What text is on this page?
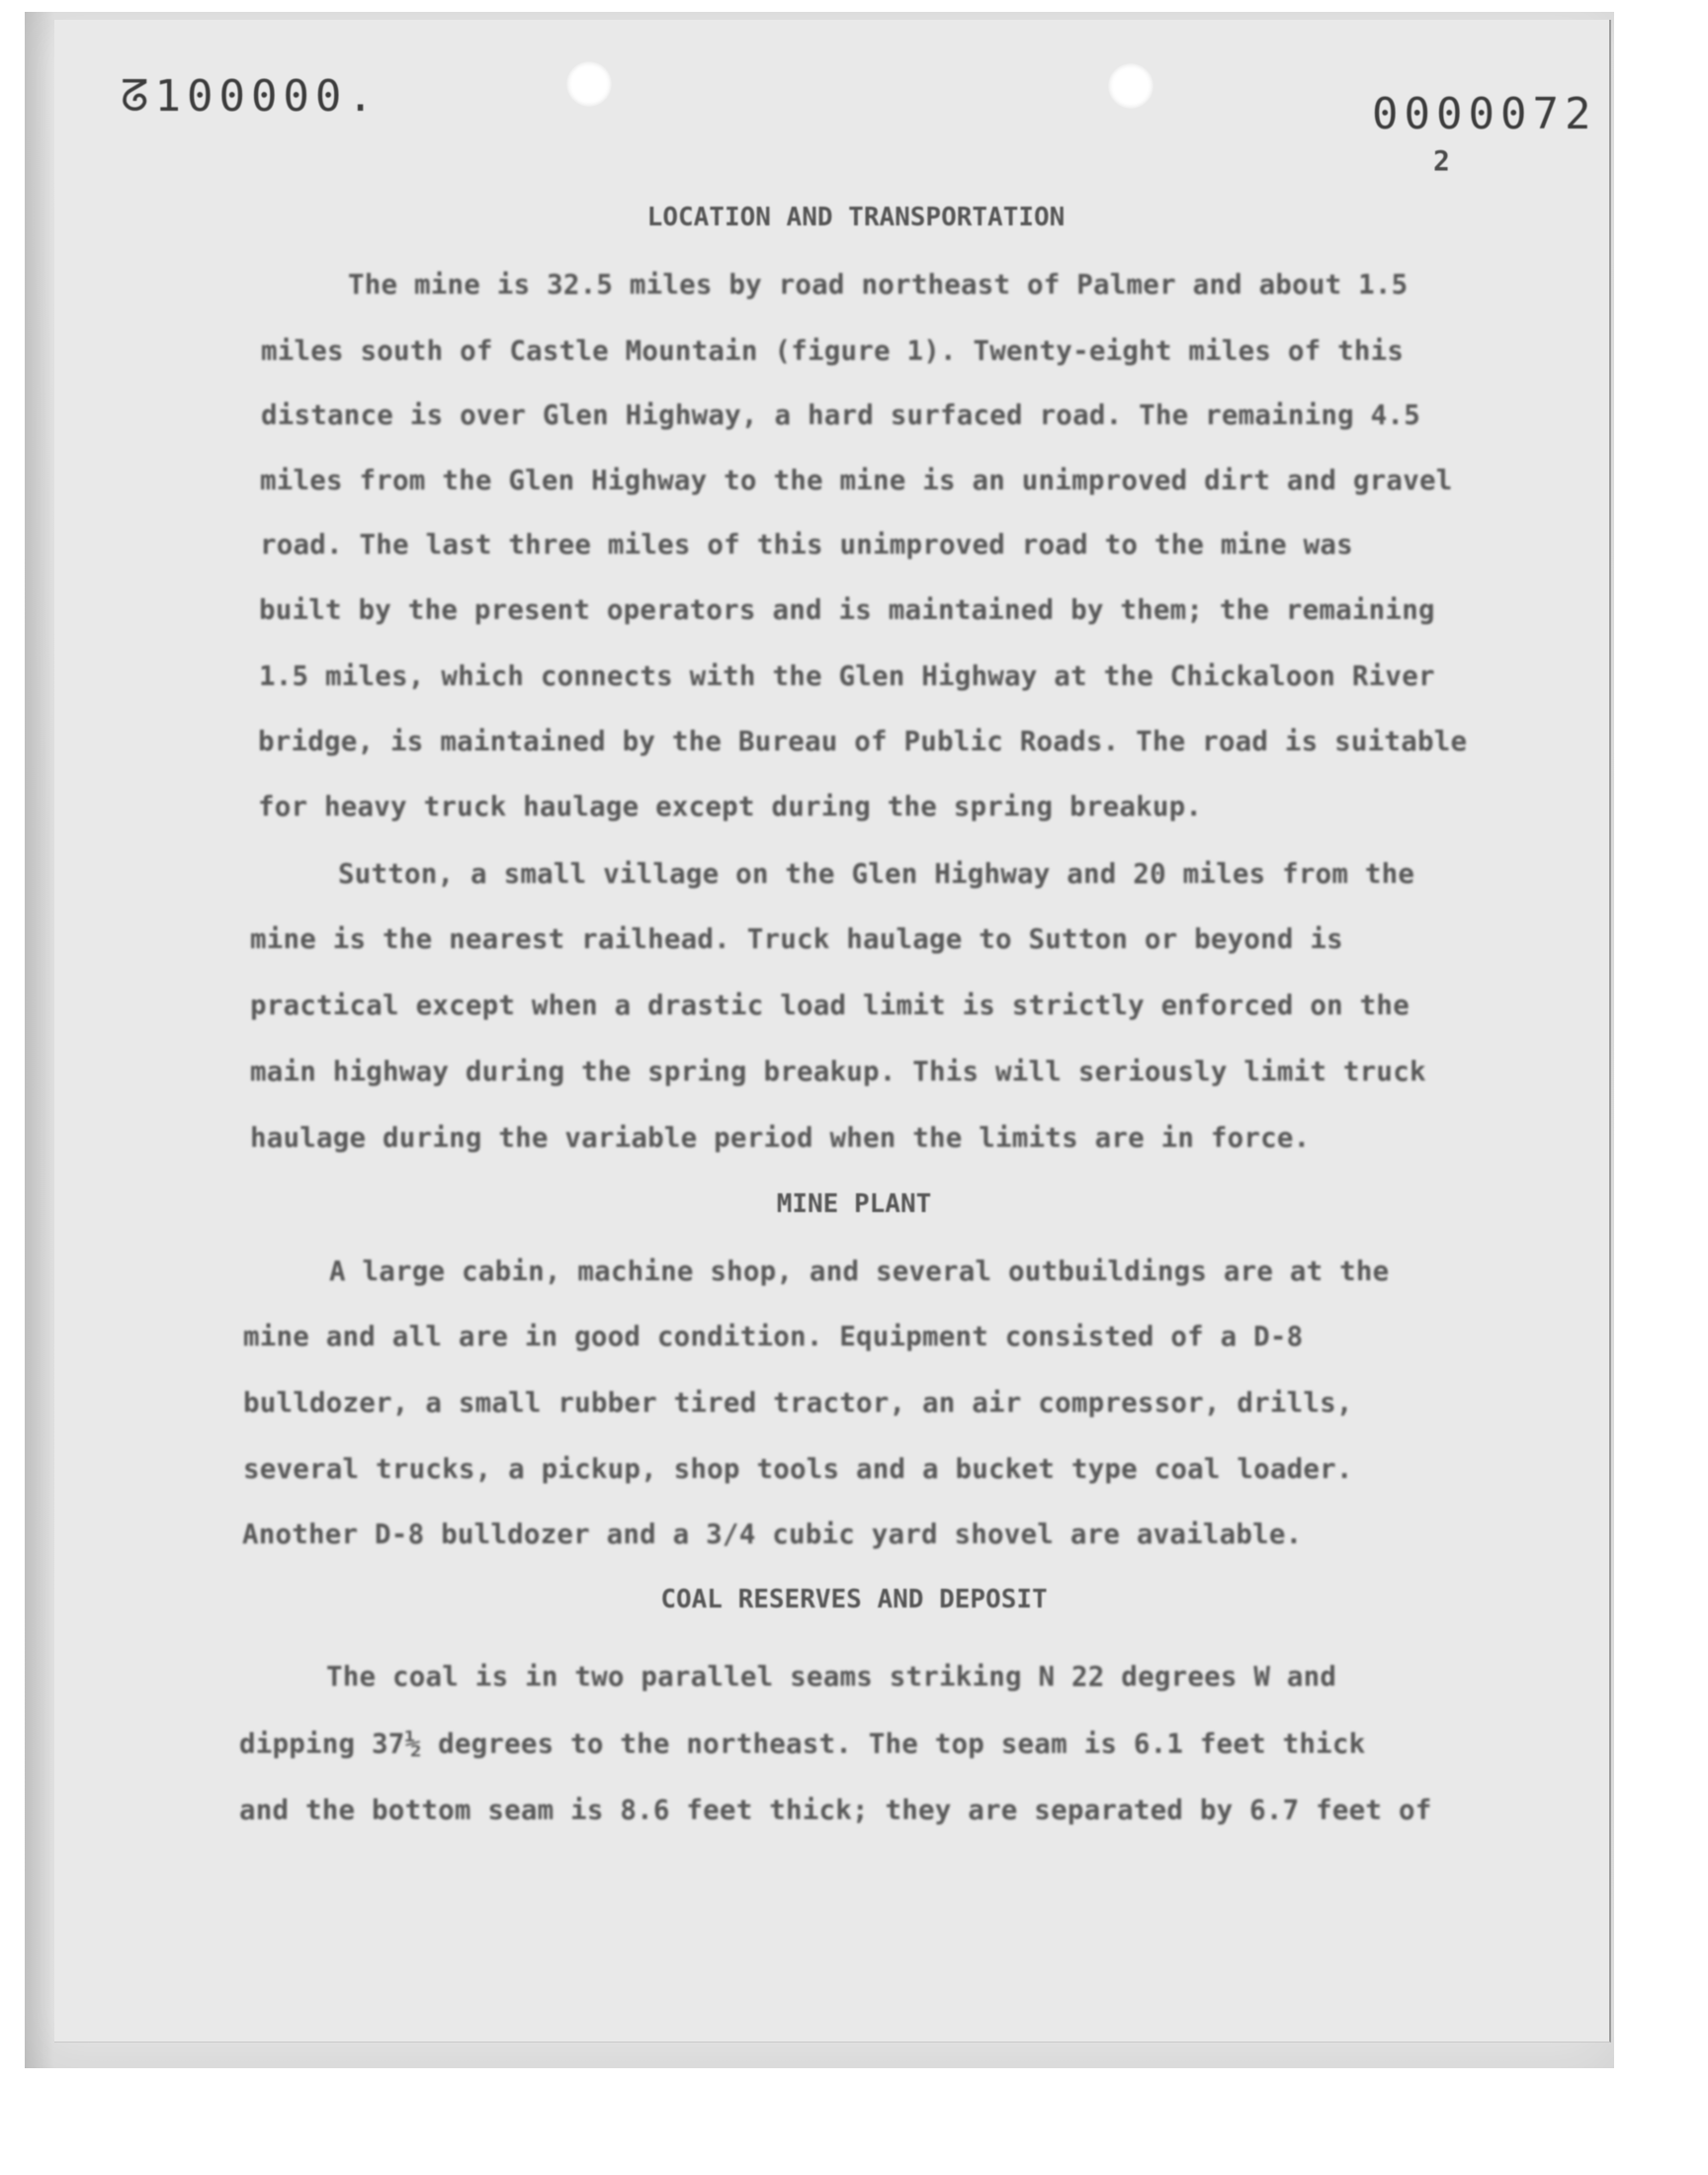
ᘔ100000.	0000072
2
LOCATION AND TRANSPORTATION
The mine is 32.5 miles by road northeast of Palmer and about 1.5
miles south of Castle Mountain (figure 1). Twenty-eight miles of this
distance is over Glen Highway, a hard surfaced road. The remaining 4.5
miles from the Glen Highway to the mine is an unimproved dirt and gravel
road. The last three miles of this unimproved road to the mine was
built by the present operators and is maintained by them; the remaining
1.5 miles, which connects with the Glen Highway at the Chickaloon River
bridge, is maintained by the Bureau of Public Roads. The road is suitable
for heavy truck haulage except during the spring breakup.
Sutton, a small village on the Glen Highway and 20 miles from the
mine is the nearest railhead. Truck haulage to Sutton or beyond is
practical except when a drastic load limit is strictly enforced on the
main highway during the spring breakup. This will seriously limit truck
haulage during the variable period when the limits are in force.
MINE PLANT
A large cabin, machine shop, and several outbuildings are at the
mine and all are in good condition. Equipment consisted of a D-8
bulldozer, a small rubber tired tractor, an air compressor, drills,
several trucks, a pickup, shop tools and a bucket type coal loader.
Another D-8 bulldozer and a 3/4 cubic yard shovel are available.
COAL RESERVES AND DEPOSIT
The coal is in two parallel seams striking N 22 degrees W and
dipping 37½ degrees to the northeast. The top seam is 6.1 feet thick
and the bottom seam is 8.6 feet thick; they are separated by 6.7 feet of
